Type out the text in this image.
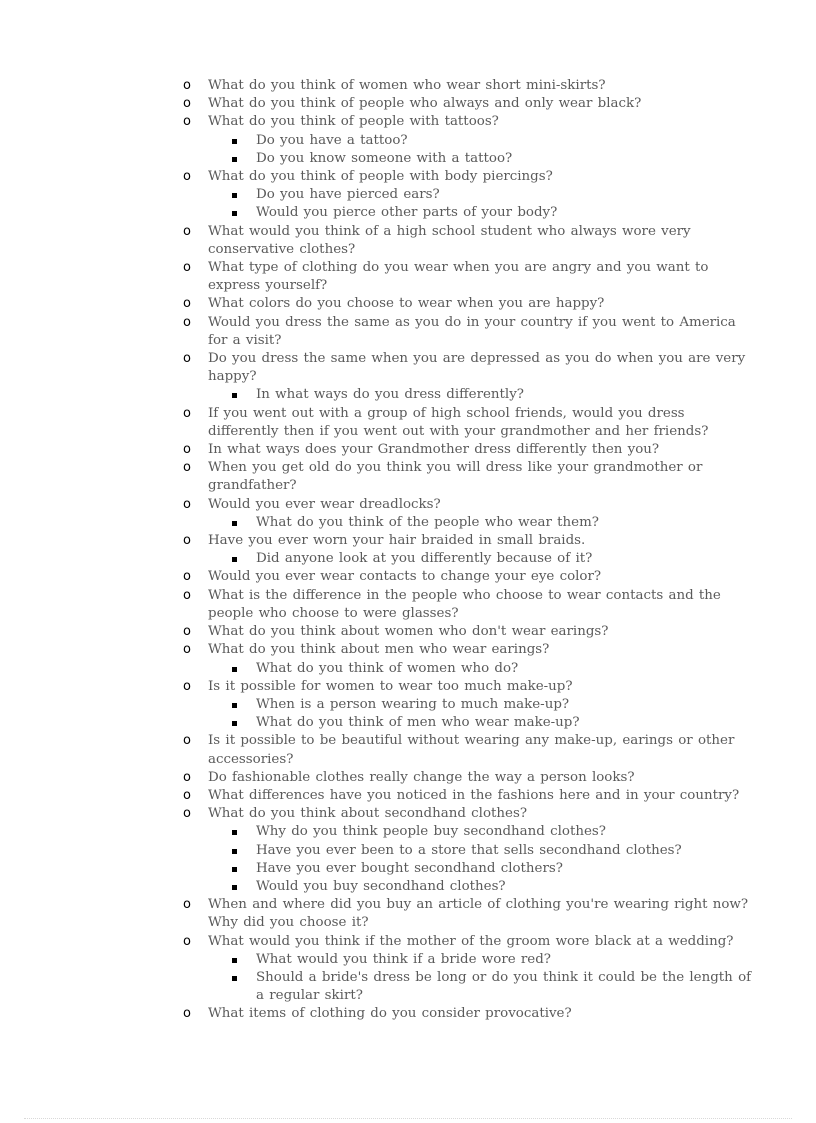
o	What do you think of women who wear short mini-skirts?
o	What do you think of people who always and only wear black?
o	What do you think of people with tattoos?
Do you have a tattoo?
Do you know someone with a tattoo?
o	What do you think of people with body piercings?
Do you have pierced ears?
Would you pierce other parts of your body?
o	What would you think of a high school student who always wore very conservative clothes?
o	What type of clothing do you wear when you are angry and you want to express yourself?
o	What colors do you choose to wear when you are happy?
o	Would you dress the same as you do in your country if you went to America for a visit?
o	Do you dress the same when you are depressed as you do when you are very happy?
In what ways do you dress differently?
o	If you went out with a group of high school friends, would you dress differently then if you went out with your grandmother and her friends?
o	In what ways does your Grandmother dress differently then you?
o	When you get old do you think you will dress like your grandmother or grandfather?
o	Would you ever wear dreadlocks?
What do you think of the people who wear them?
o	Have you ever worn your hair braided in small braids.
Did anyone look at you differently because of it?
o	Would you ever wear contacts to change your eye color?
o	What is the difference in the people who choose to wear contacts and the people who choose to were glasses?
o	What do you think about women who don't wear earings?
o	What do you think about men who wear earings?
What do you think of women who do?
o	Is it possible for women to wear too much make-up?
When is a person wearing to much make-up?
What do you think of men who wear make-up?
o	Is it possible to be beautiful without wearing any make-up, earings or other accessories?
o	Do fashionable clothes really change the way a person looks?
o	What differences have you noticed in the fashions here and in your country?
o	What do you think about secondhand clothes?
Why do you think people buy secondhand clothes?
Have you ever been to a store that sells secondhand clothes?
Have you ever bought secondhand clothers?
Would you buy secondhand clothes?
o	When and where did you buy an article of clothing you're wearing right now? Why did you choose it?
o	What would you think if the mother of the groom wore black at a wedding?
What would you think if a bride wore red?
Should a bride's dress be long or do you think it could be the length of a regular skirt?
o	What items of clothing do you consider provocative?
